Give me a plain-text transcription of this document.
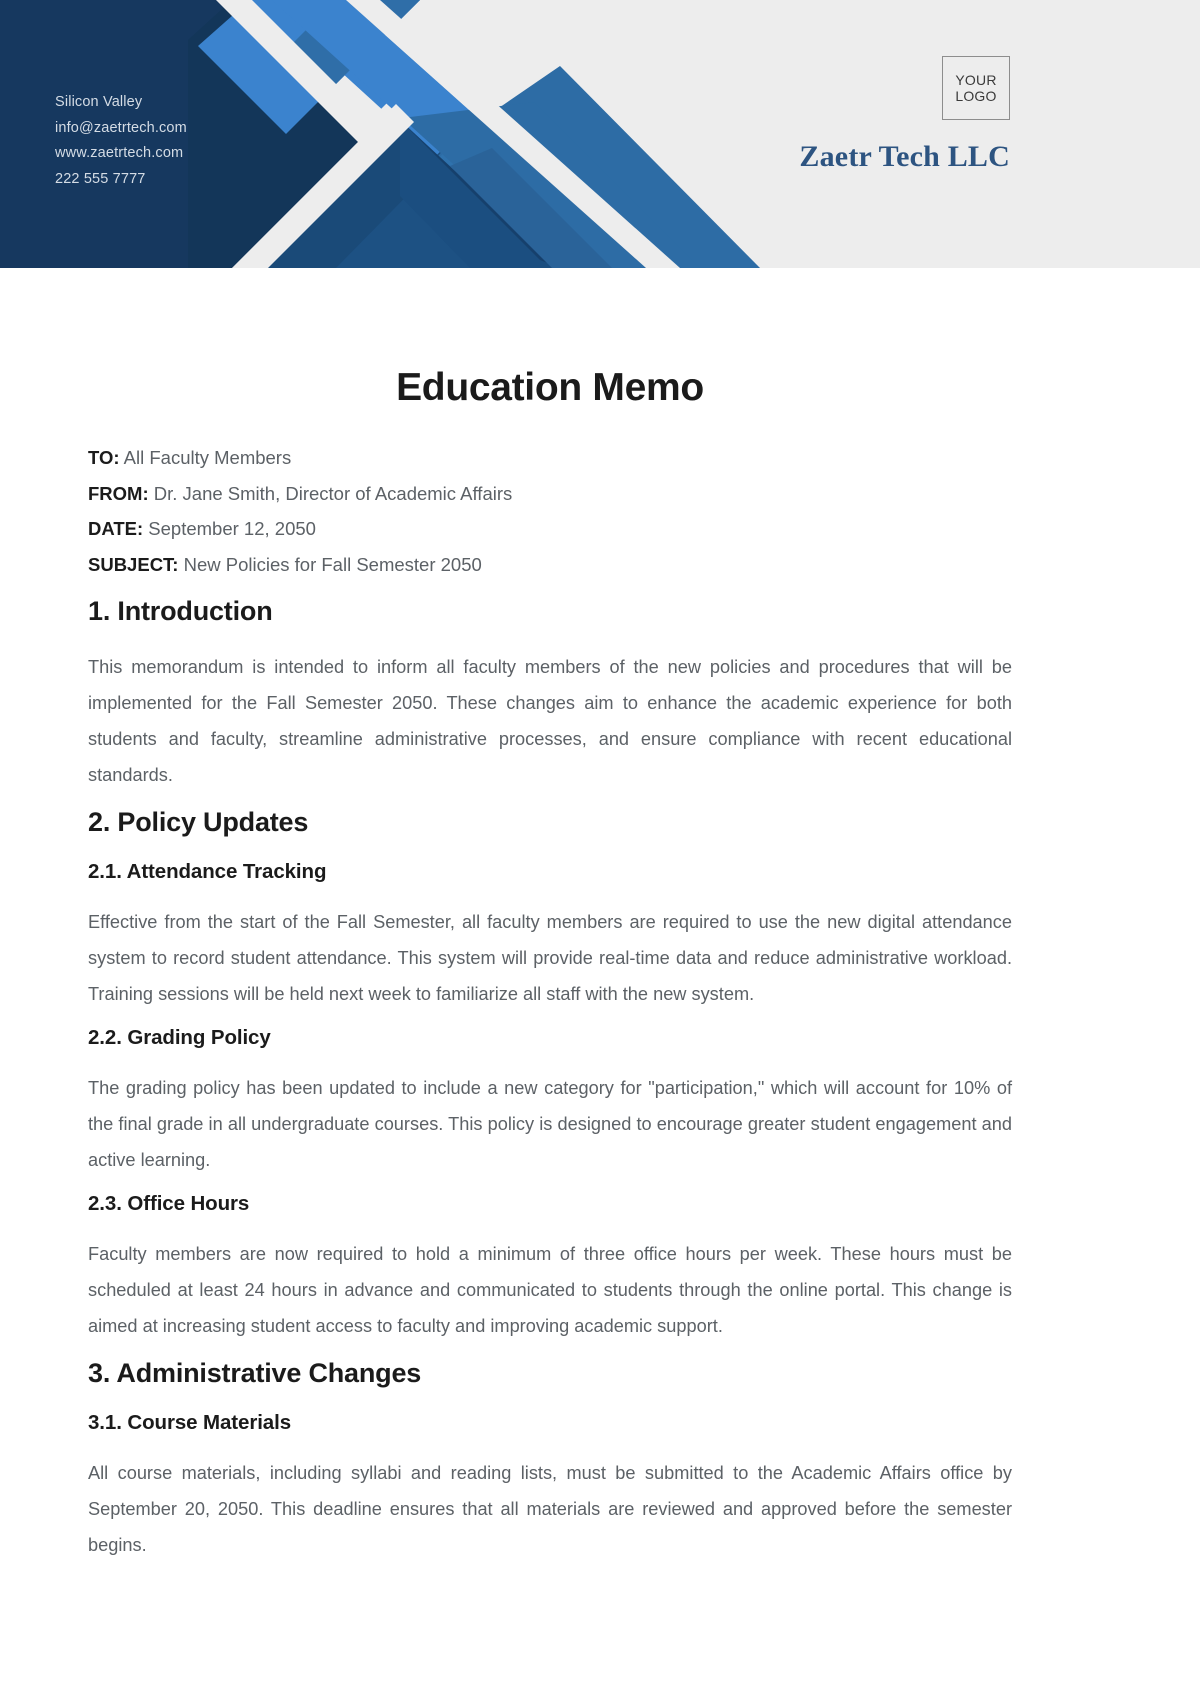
Silicon Valley
info@zaetrtech.com
www.zaetrtech.com
222 555 7777
YOUR
LOGO
Zaetr Tech LLC
Education Memo
TO: All Faculty Members
FROM: Dr. Jane Smith, Director of Academic Affairs
DATE: September 12, 2050
SUBJECT: New Policies for Fall Semester 2050
1. Introduction

This memorandum is intended to inform all faculty members of the new policies and procedures that will be implemented for the Fall Semester 2050. These changes aim to enhance the academic experience for both students and faculty, streamline administrative processes, and ensure compliance with recent educational standards.

2. Policy Updates
2.1. Attendance Tracking

Effective from the start of the Fall Semester, all faculty members are required to use the new digital attendance system to record student attendance. This system will provide real-time data and reduce administrative workload. Training sessions will be held next week to familiarize all staff with the new system.

2.2. Grading Policy

The grading policy has been updated to include a new category for "participation," which will account for 10% of the final grade in all undergraduate courses. This policy is designed to encourage greater student engagement and active learning.

2.3. Office Hours

Faculty members are now required to hold a minimum of three office hours per week. These hours must be scheduled at least 24 hours in advance and communicated to students through the online portal. This change is aimed at increasing student access to faculty and improving academic support.

3. Administrative Changes
3.1. Course Materials

All course materials, including syllabi and reading lists, must be submitted to the Academic Affairs office by September 20, 2050. This deadline ensures that all materials are reviewed and approved before the semester begins.
